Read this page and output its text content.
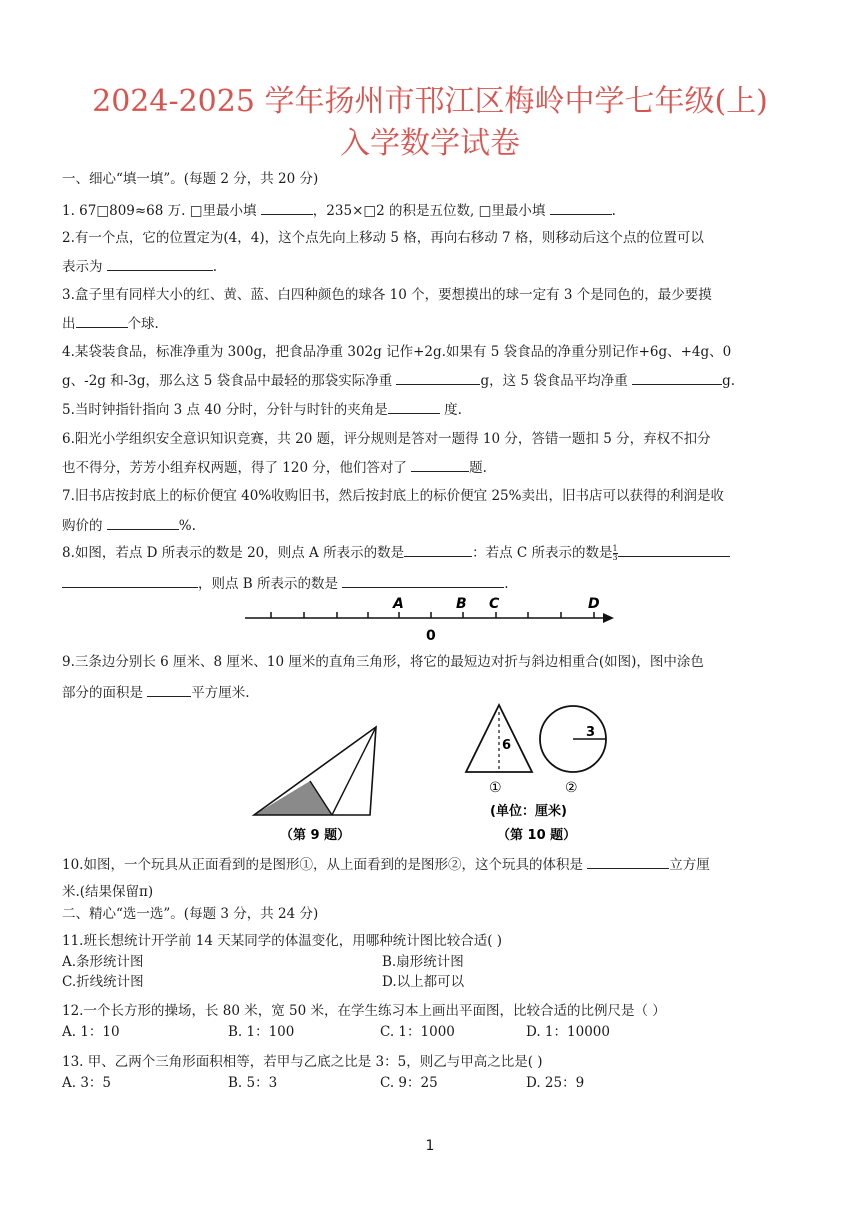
2024-2025 学年扬州市邗江区梅岭中学七年级(上)
入学数学试卷
一、细心“填一填”。(每题 2 分，共 20 分)
1. 67□809≈68 万. □里最小填	，235×□2 的积是五位数, □里最小填	.
2.有一个点，它的位置定为(4，4)，这个点先向上移动 5 格，再向右移动 7 格，则移动后这个点的位置可以
表示为	.
3.盒子里有同样大小的红、黄、蓝、白四种颜色的球各 10 个，要想摸出的球一定有 3 个是同色的，最少要摸
出	个球.
4.某袋装食品，标准净重为 300g，把食品净重 302g 记作+2g.如果有 5 袋食品的净重分别记作+6g、+4g、0
g、-2g 和-3g，那么这 5 袋食品中最轻的那袋实际净重	g，这 5 袋食品平均净重	g.
5.当时钟指针指向 3 点 40 分时，分针与时针的夹角是	度.
6.阳光小学组织安全意识知识竞赛，共 20 题，评分规则是答对一题得 10 分，答错一题扣 5 分，弃权不扣分
也不得分，芳芳小组弃权两题，得了 120 分，他们答对了	题.
7.旧书店按封底上的标价便宜 40%收购旧书，然后按封底上的标价便宜 25%卖出，旧书店可以获得的利润是收
购价的	%.
8.如图，若点 D 所表示的数是 20，则点 A 所表示的数是	：若点 C 所表示的数是 $\frac{1}{3}$
，则点 B 所表示的数是	.
A	B C	D
0
（第 9 题）
6
3
①	②
(单位：厘米)
（第 10 题）
9.三条边分别长 6 厘米、8 厘米、10 厘米的直角三角形，将它的最短边对折与斜边相重合(如图)，图中涂色
部分的面积是	平方厘米.
10.如图，一个玩具从正面看到的是图形①，从上面看到的是图形②，这个玩具的体积是	立方厘
米.(结果保留π)
二、精心“选一选”。(每题 3 分，共 24 分)
11.班长想统计开学前 14 天某同学的体温变化，用哪种统计图比较合适( )
A.条形统计图	B.扇形统计图
C.折线统计图	D.以上都可以
12.一个长方形的操场，长 80 米，宽 50 米，在学生练习本上画出平面图，比较合适的比例尺是（ ）
A. 1：10	B. 1：100	C. 1：1000	D. 1：10000
13. 甲、乙两个三角形面积相等，若甲与乙底之比是 3：5，则乙与甲高之比是( )
A. 3：5	B. 5：3	C. 9：25	D. 25：9
1
